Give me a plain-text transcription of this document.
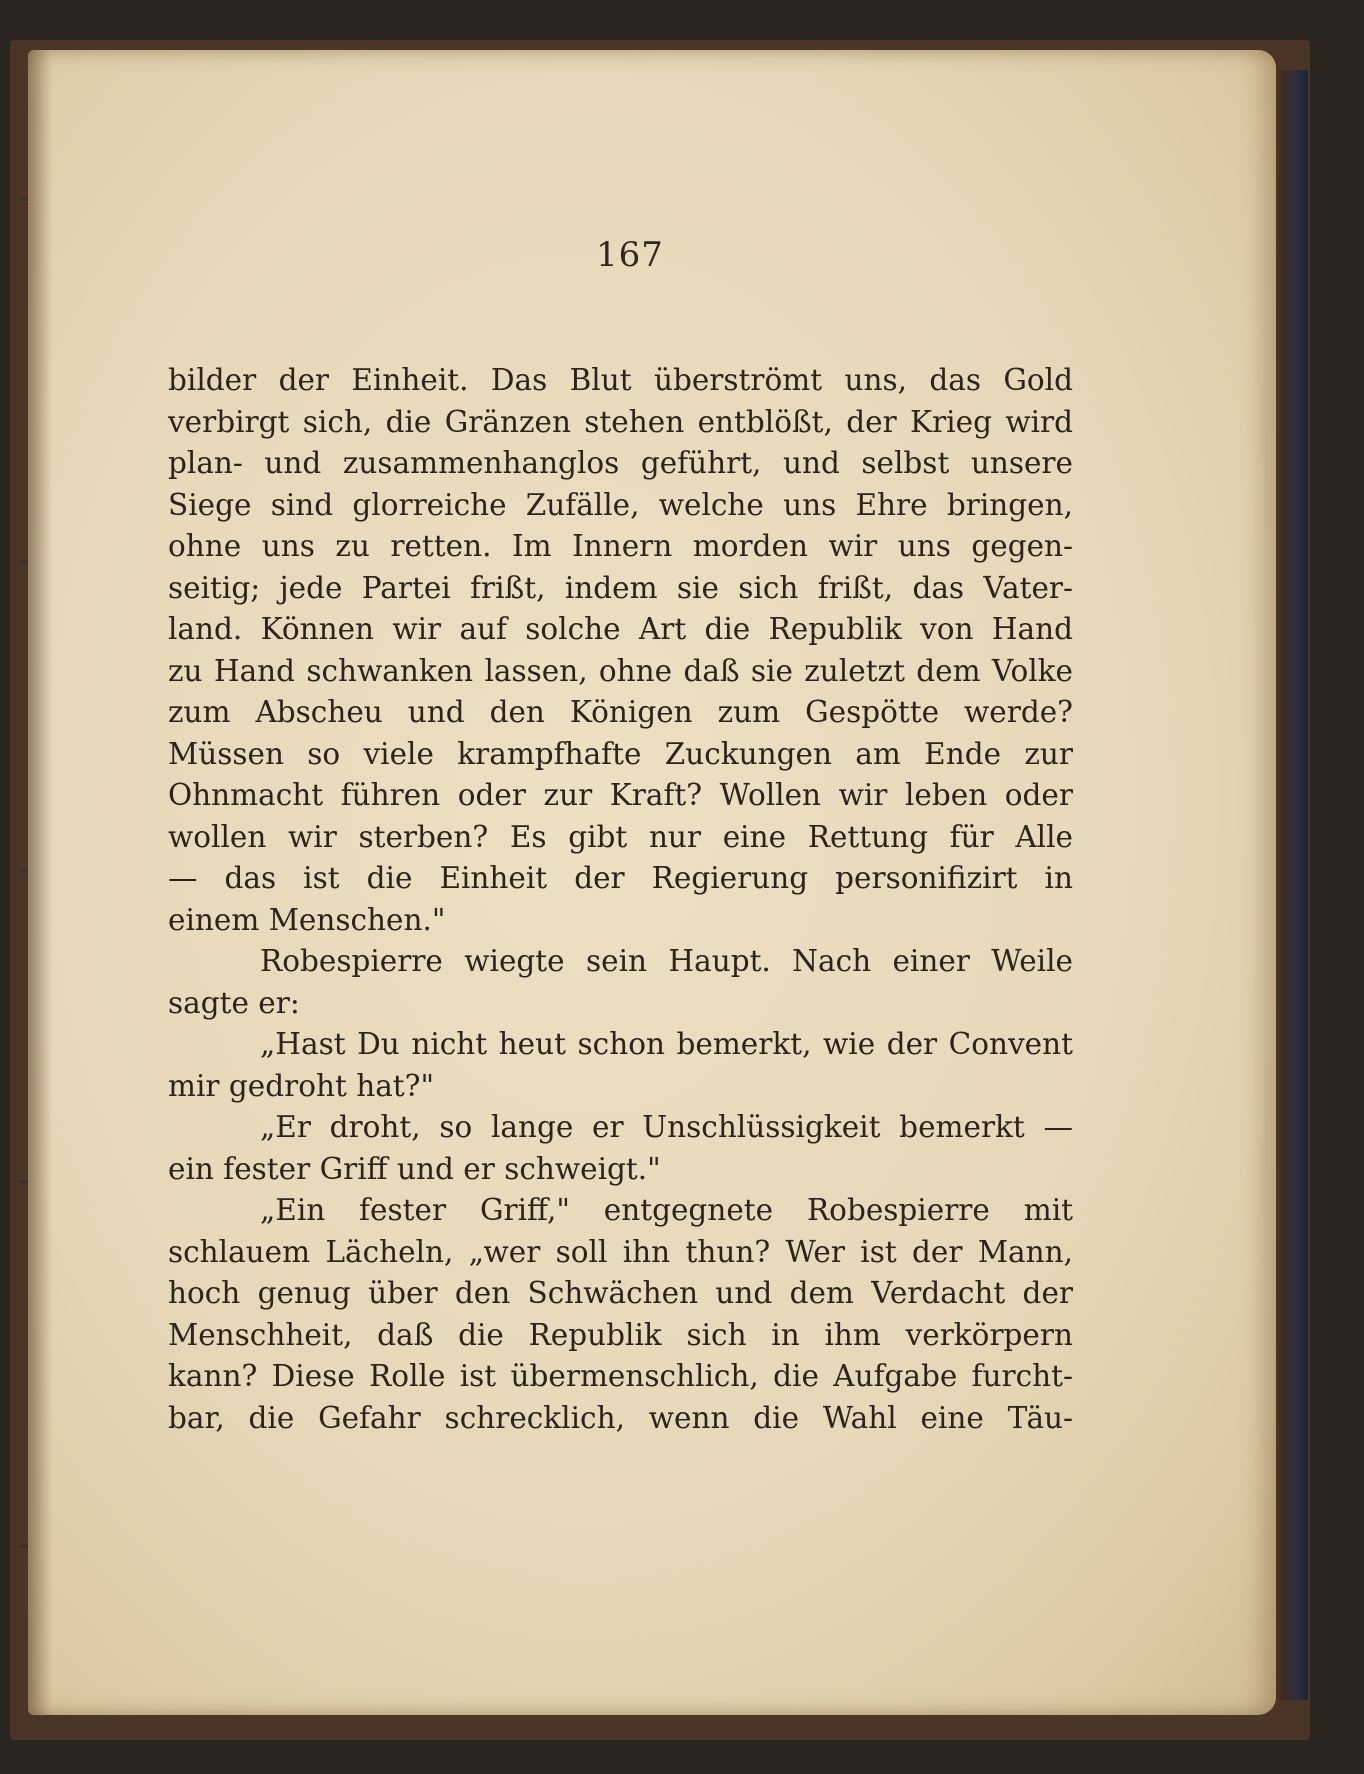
167
bilder der Einheit. Das Blut überströmt uns, das Gold
verbirgt sich, die Gränzen stehen entblößt, der Krieg wird
plan- und zusammenhanglos geführt, und selbst unsere
Siege sind glorreiche Zufälle, welche uns Ehre bringen,
ohne uns zu retten. Im Innern morden wir uns gegen-
seitig; jede Partei frißt, indem sie sich frißt, das Vater-
land. Können wir auf solche Art die Republik von Hand
zu Hand schwanken lassen, ohne daß sie zuletzt dem Volke
zum Abscheu und den Königen zum Gespötte werde?
Müssen so viele krampfhafte Zuckungen am Ende zur
Ohnmacht führen oder zur Kraft? Wollen wir leben oder
wollen wir sterben? Es gibt nur eine Rettung für Alle
— das ist die Einheit der Regierung personifizirt in
einem Menschen."
Robespierre wiegte sein Haupt. Nach einer Weile
sagte er:
„Hast Du nicht heut schon bemerkt, wie der Convent
mir gedroht hat?"
„Er droht, so lange er Unschlüssigkeit bemerkt —
ein fester Griff und er schweigt."
„Ein fester Griff," entgegnete Robespierre mit
schlauem Lächeln, „wer soll ihn thun? Wer ist der Mann,
hoch genug über den Schwächen und dem Verdacht der
Menschheit, daß die Republik sich in ihm verkörpern
kann? Diese Rolle ist übermenschlich, die Aufgabe furcht-
bar, die Gefahr schrecklich, wenn die Wahl eine Täu-
